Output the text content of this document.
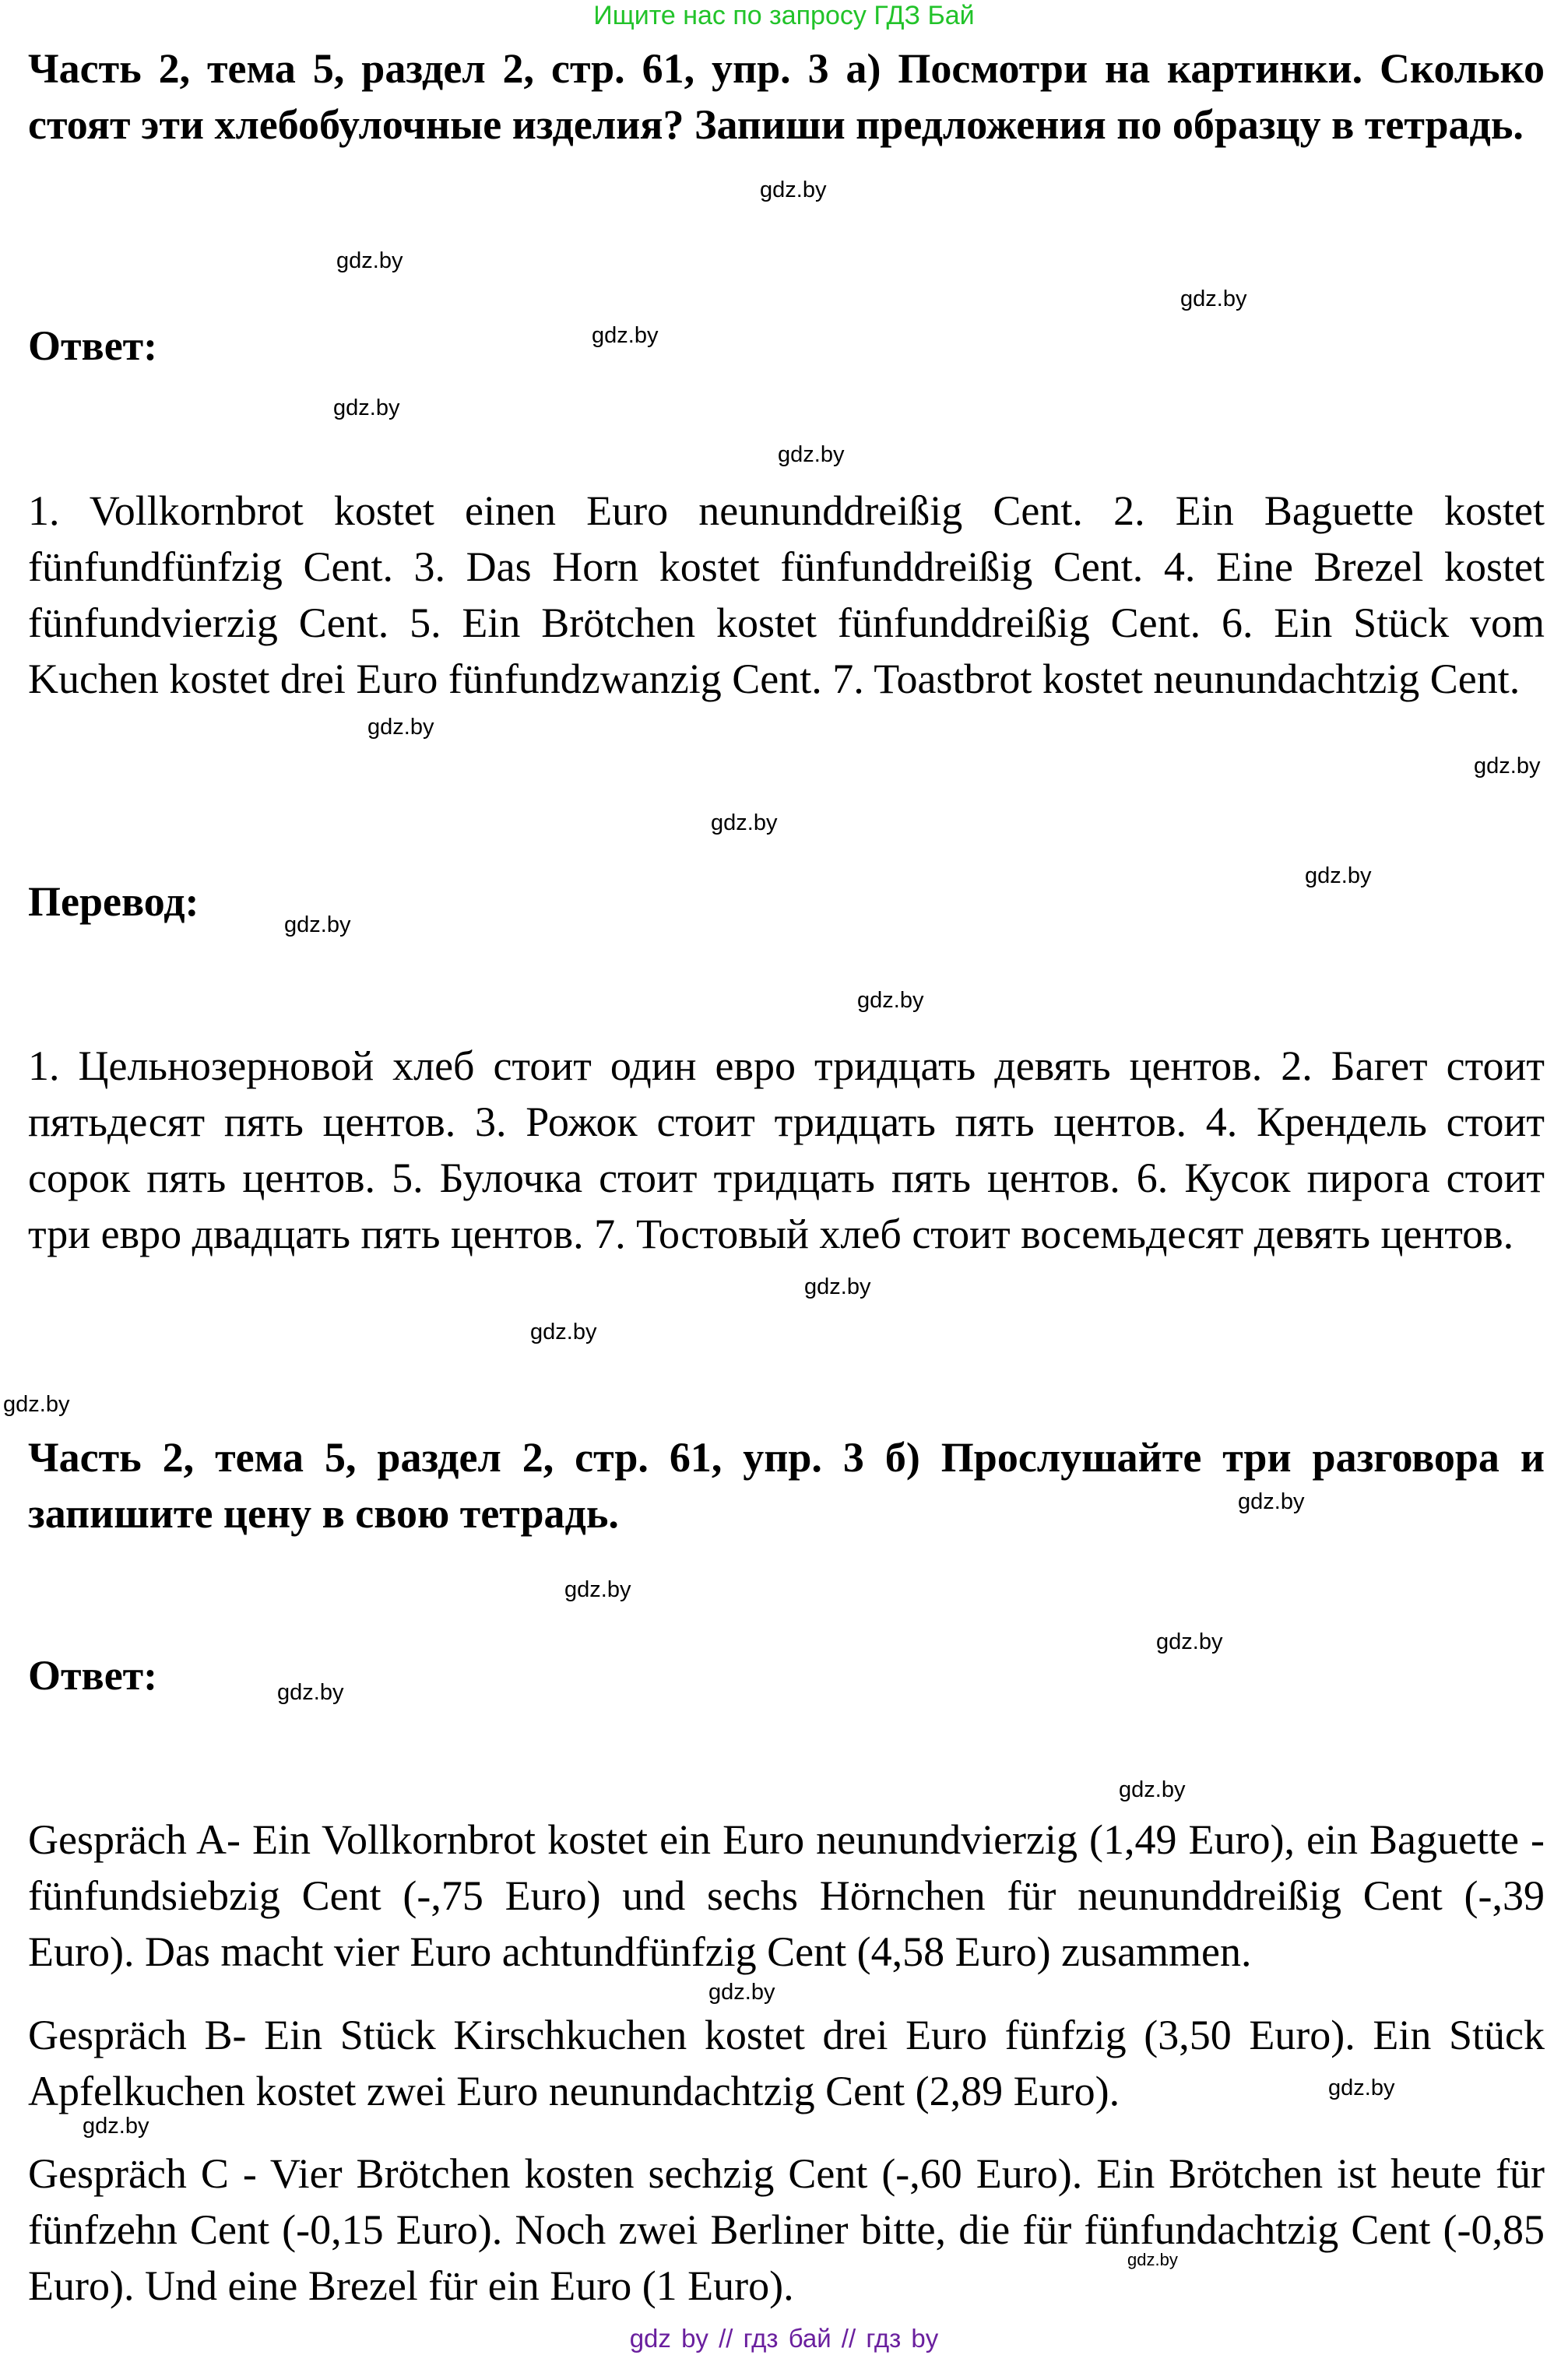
Ищите нас по запросу ГДЗ Бай

Часть 2, тема 5, раздел 2, стр. 61, упр. 3 а) Посмотри на картинки. Сколько стоят эти хлебобулочные изделия? Запиши предложения по образцу в тетрадь.

Ответ:

1. Vollkornbrot kostet einen Euro neununddreißig Cent. 2. Ein Baguette kostet fünfundfünfzig Cent. 3. Das Horn kostet fünfunddreißig Cent. 4. Eine Brezel kostet fünfundvierzig Cent. 5. Ein Brötchen kostet fünfunddreißig Cent. 6. Ein Stück vom Kuchen kostet drei Euro fünfundzwanzig Cent. 7. Toastbrot kostet neunundachtzig Cent.

Перевод:

1. Цельнозерновой хлеб стоит один евро тридцать девять центов. 2. Багет стоит пятьдесят пять центов. 3. Рожок стоит тридцать пять центов. 4. Крендель стоит сорок пять центов. 5. Булочка стоит тридцать пять центов. 6. Кусок пирога стоит три евро двадцать пять центов. 7. Тостовый хлеб стоит восемьдесят девять центов.

Часть 2, тема 5, раздел 2, стр. 61, упр. 3 б) Прослушайте три разговора и запишите цену в свою тетрадь.

Ответ:

Gespräch A- Ein Vollkornbrot kostet ein Euro neunundvierzig (1,49 Euro), ein Baguette -fünfundsiebzig Cent (-,75 Euro) und sechs Hörnchen für neununddreißig Cent (-,39 Euro). Das macht vier Euro achtundfünfzig Cent (4,58 Euro) zusammen.

Gespräch B- Ein Stück Kirschkuchen kostet drei Euro fünfzig (3,50 Euro). Ein Stück Apfelkuchen kostet zwei Euro neunundachtzig Cent (2,89 Euro).

Gespräch C - Vier Brötchen kosten sechzig Cent (-,60 Euro). Ein Brötchen ist heute für fünfzehn Cent (-0,15 Euro). Noch zwei Berliner bitte, die für fünfundachtzig Cent (-0,85 Euro). Und eine Brezel für ein Euro (1 Euro).

gdz.by
gdz.by
gdz.by
gdz.by
gdz.by
gdz.by
gdz.by
gdz.by
gdz.by
gdz.by
gdz.by
gdz.by
gdz.by
gdz.by
gdz.by
gdz.by
gdz.by
gdz.by
gdz.by
gdz.by
gdz.by
gdz.by
gdz.by
gdz.by
gdz by // гдз бай // гдз by
